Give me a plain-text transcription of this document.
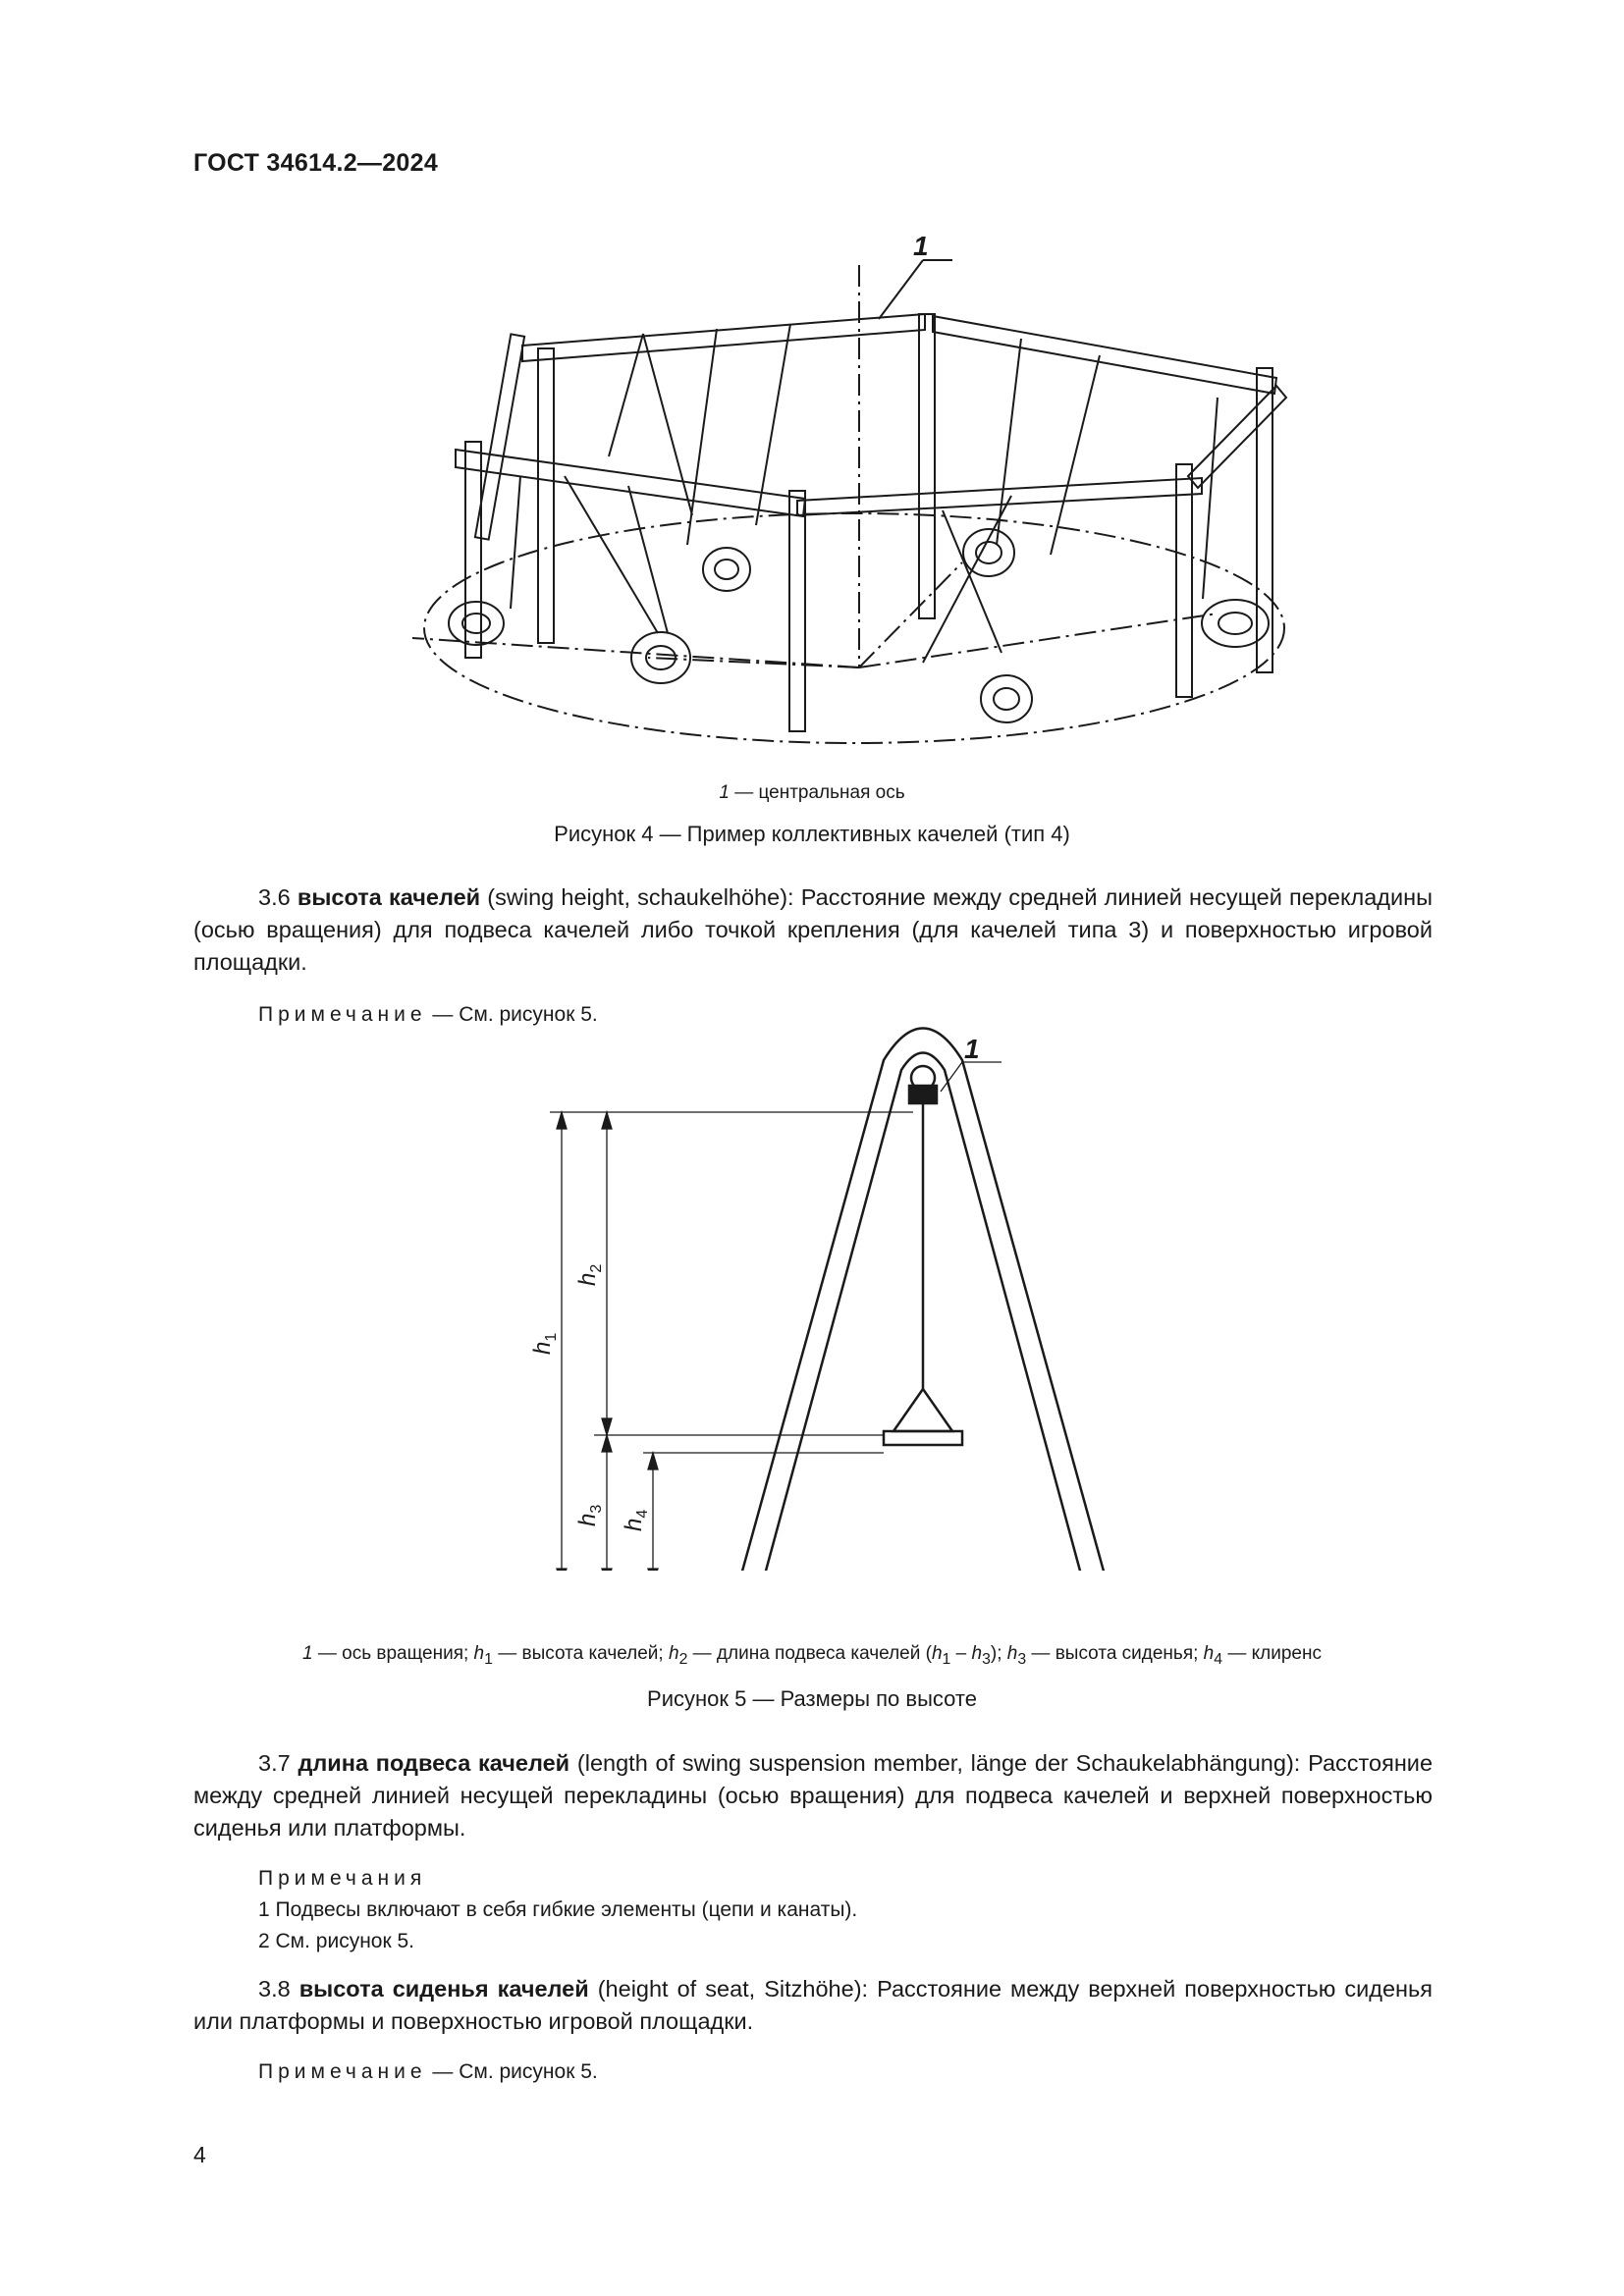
ГОСТ 34614.2—2024
1
1 — центральная ось
Рисунок 4 — Пример коллективных качелей (тип 4)
3.6 высота качелей (swing height, schaukelhöhe): Расстояние между средней линией несущей перекладины (осью вращения) для подвеса качелей либо точкой крепления (для качелей типа 3) и поверхностью игровой площадки.
Примечание — См. рисунок 5.
$h_1$
$h_2$
$h_3$
$h_4$
1
1 — ось вращения; $h_1$ — высота качелей; $h_2$ — длина подвеса качелей $(h_1 - h_3)$; $h_3$ — высота сиденья; $h_4$ — клиренс
Рисунок 5 — Размеры по высоте
3.7 длина подвеса качелей (length of swing suspension member, länge der Schaukelabhängung): Расстояние между средней линией несущей перекладины (осью вращения) для подвеса качелей и верхней поверхностью сиденья или платформы.
Примечания
1 Подвесы включают в себя гибкие элементы (цепи и канаты).
2 См. рисунок 5.
3.8 высота сиденья качелей (height of seat, Sitzhöhe): Расстояние между верхней поверхностью сиденья или платформы и поверхностью игровой площадки.
Примечание — См. рисунок 5.
4
